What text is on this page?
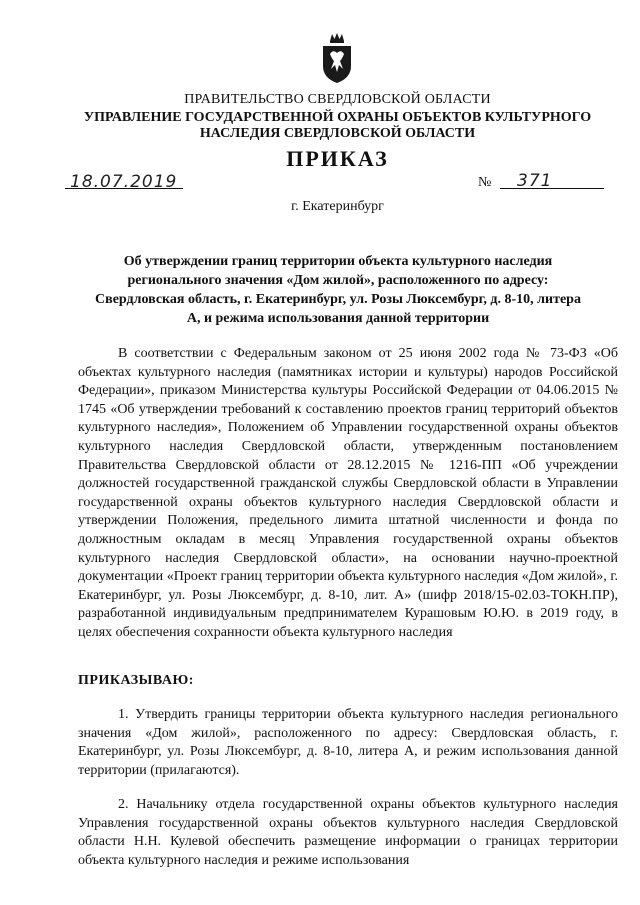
ПРАВИТЕЛЬСТВО СВЕРДЛОВСКОЙ ОБЛАСТИ
УПРАВЛЕНИЕ ГОСУДАРСТВЕННОЙ ОХРАНЫ ОБЪЕКТОВ КУЛЬТУРНОГО НАСЛЕДИЯ СВЕРДЛОВСКОЙ ОБЛАСТИ
ПРИКАЗ
18.07.2019	№ 371
г. Екатеринбург
Об утверждении границ территории объекта культурного наследия регионального значения «Дом жилой», расположенного по адресу: Свердловская область, г. Екатеринбург, ул. Розы Люксембург, д. 8-10, литера А, и режима использования данной территории
В соответствии с Федеральным законом от 25 июня 2002 года № 73-ФЗ «Об объектах культурного наследия (памятниках истории и культуры) народов Российской Федерации», приказом Министерства культуры Российской Федерации от 04.06.2015 № 1745 «Об утверждении требований к составлению проектов границ территорий объектов культурного наследия», Положением об Управлении государственной охраны объектов культурного наследия Свердловской области, утвержденным постановлением Правительства Свердловской области от 28.12.2015 № 1216-ПП «Об учреждении должностей государственной гражданской службы Свердловской области в Управлении государственной охраны объектов культурного наследия Свердловской области и утверждении Положения, предельного лимита штатной численности и фонда по должностным окладам в месяц Управления государственной охраны объектов культурного наследия Свердловской области», на основании научно-проектной документации «Проект границ территории объекта культурного наследия «Дом жилой», г. Екатеринбург, ул. Розы Люксембург, д. 8-10, лит. А» (шифр 2018/15-02.03-ТОКН.ПР), разработанной индивидуальным предпринимателем Курашовым Ю.Ю. в 2019 году, в целях обеспечения сохранности объекта культурного наследия
ПРИКАЗЫВАЮ:
1. Утвердить границы территории объекта культурного наследия регионального значения «Дом жилой», расположенного по адресу: Свердловская область, г. Екатеринбург, ул. Розы Люксембург, д. 8-10, литера А, и режим использования данной территории (прилагаются).
2. Начальнику отдела государственной охраны объектов культурного наследия Управления государственной охраны объектов культурного наследия Свердловской области Н.Н. Кулевой обеспечить размещение информации о границах территории объекта культурного наследия и режиме использования
